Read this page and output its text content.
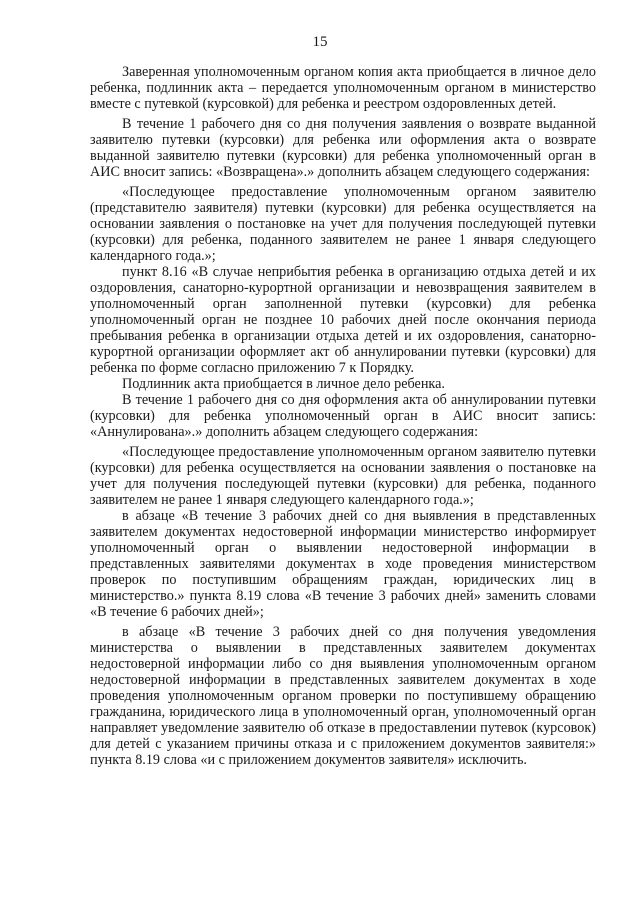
15

Заверенная уполномоченным органом копия акта приобщается в личное дело ребенка, подлинник акта – передается уполномоченным органом в министерство вместе с путевкой (курсовкой) для ребенка и реестром оздоровленных детей.

В течение 1 рабочего дня со дня получения заявления о возврате выданной заявителю путевки (курсовки) для ребенка или оформления акта о возврате выданной заявителю путевки (курсовки) для ребенка уполномоченный орган в АИС вносит запись: «Возвращена».» дополнить абзацем следующего содержания:

«Последующее предоставление уполномоченным органом заявителю (представителю заявителя) путевки (курсовки) для ребенка осуществляется на основании заявления о постановке на учет для получения последующей путевки (курсовки) для ребенка, поданного заявителем не ранее 1 января следующего календарного года.»;

пункт 8.16 «В случае неприбытия ребенка в организацию отдыха детей и их оздоровления, санаторно-курортной организации и невозвращения заявителем в уполномоченный орган заполненной путевки (курсовки) для ребенка уполномоченный орган не позднее 10 рабочих дней после окончания периода пребывания ребенка в организации отдыха детей и их оздоровления, санаторно-курортной организации оформляет акт об аннулировании путевки (курсовки) для ребенка по форме согласно приложению 7 к Порядку.

Подлинник акта приобщается в личное дело ребенка.

В течение 1 рабочего дня со дня оформления акта об аннулировании путевки (курсовки) для ребенка уполномоченный орган в АИС вносит запись: «Аннулирована».» дополнить абзацем следующего содержания:

«Последующее предоставление уполномоченным органом заявителю путевки (курсовки) для ребенка осуществляется на основании заявления о постановке на учет для получения последующей путевки (курсовки) для ребенка, поданного заявителем не ранее 1 января следующего календарного года.»;

в абзаце «В течение 3 рабочих дней со дня выявления в представленных заявителем документах недостоверной информации министерство информирует уполномоченный орган о выявлении недостоверной информации в представленных заявителями документах в ходе проведения министерством проверок по поступившим обращениям граждан, юридических лиц в министерство.» пункта 8.19 слова «В течение 3 рабочих дней» заменить словами «В течение 6 рабочих дней»;

в абзаце «В течение 3 рабочих дней со дня получения уведомления министерства о выявлении в представленных заявителем документах недостоверной информации либо со дня выявления уполномоченным органом недостоверной информации в представленных заявителем документах в ходе проведения уполномоченным органом проверки по поступившему обращению гражданина, юридического лица в уполномоченный орган, уполномоченный орган направляет уведомление заявителю об отказе в предоставлении путевок (курсовок) для детей с указанием причины отказа и с приложением документов заявителя:» пункта 8.19 слова «и с приложением документов заявителя» исключить.
